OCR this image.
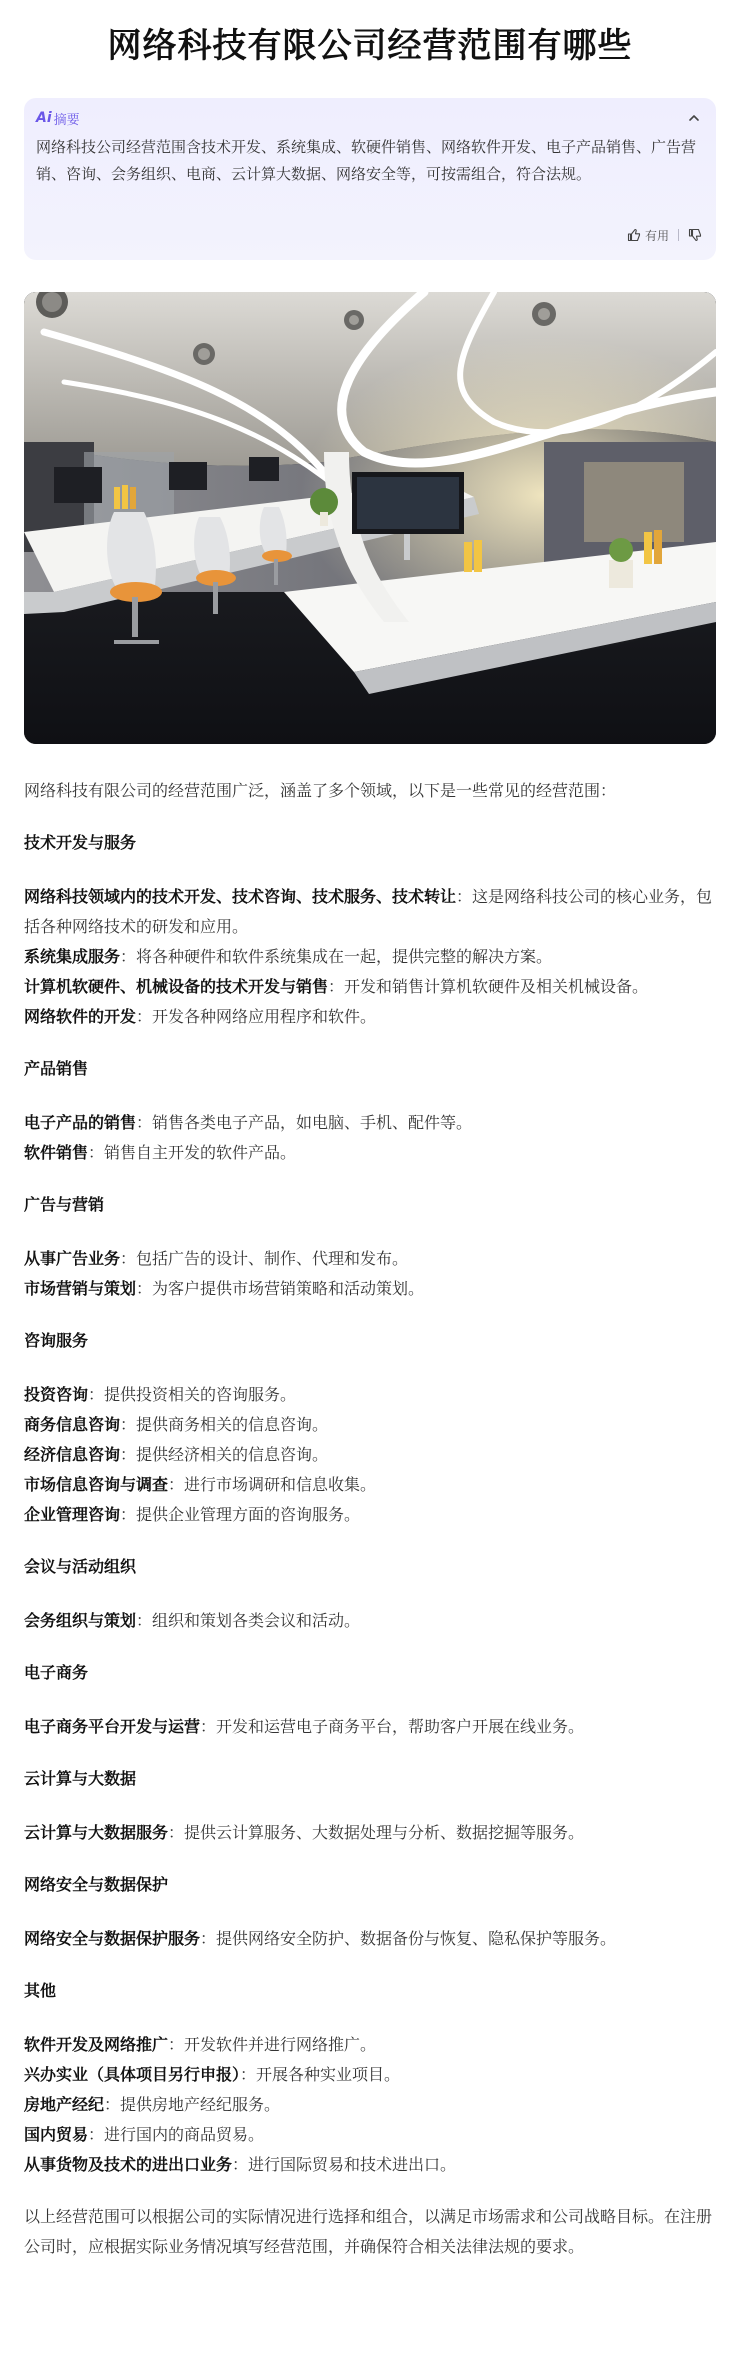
网络科技有限公司经营范围有哪些
Ai 摘要
网络科技公司经营范围含技术开发、系统集成、软硬件销售、网络软件开发、电子产品销售、广告营销、咨询、会务组织、电商、云计算大数据、网络安全等，可按需组合，符合法规。
有用

网络科技有限公司的经营范围广泛，涵盖了多个领域，以下是一些常见的经营范围：

技术开发与服务
网络科技领域内的技术开发、技术咨询、技术服务、技术转让：这是网络科技公司的核心业务，包括各种网络技术的研发和应用。
系统集成服务：将各种硬件和软件系统集成在一起，提供完整的解决方案。
计算机软硬件、机械设备的技术开发与销售：开发和销售计算机软硬件及相关机械设备。
网络软件的开发：开发各种网络应用程序和软件。
产品销售
电子产品的销售：销售各类电子产品，如电脑、手机、配件等。
软件销售：销售自主开发的软件产品。
广告与营销
从事广告业务：包括广告的设计、制作、代理和发布。
市场营销与策划：为客户提供市场营销策略和活动策划。
咨询服务
投资咨询：提供投资相关的咨询服务。
商务信息咨询：提供商务相关的信息咨询。
经济信息咨询：提供经济相关的信息咨询。
市场信息咨询与调查：进行市场调研和信息收集。
企业管理咨询：提供企业管理方面的咨询服务。
会议与活动组织
会务组织与策划：组织和策划各类会议和活动。
电子商务
电子商务平台开发与运营：开发和运营电子商务平台，帮助客户开展在线业务。
云计算与大数据
云计算与大数据服务：提供云计算服务、大数据处理与分析、数据挖掘等服务。
网络安全与数据保护
网络安全与数据保护服务：提供网络安全防护、数据备份与恢复、隐私保护等服务。
其他
软件开发及网络推广：开发软件并进行网络推广。
兴办实业（具体项目另行申报）：开展各种实业项目。
房地产经纪：提供房地产经纪服务。
国内贸易：进行国内的商品贸易。
从事货物及技术的进出口业务：进行国际贸易和技术进出口。

以上经营范围可以根据公司的实际情况进行选择和组合，以满足市场需求和公司战略目标。在注册公司时，应根据实际业务情况填写经营范围，并确保符合相关法律法规的要求。
